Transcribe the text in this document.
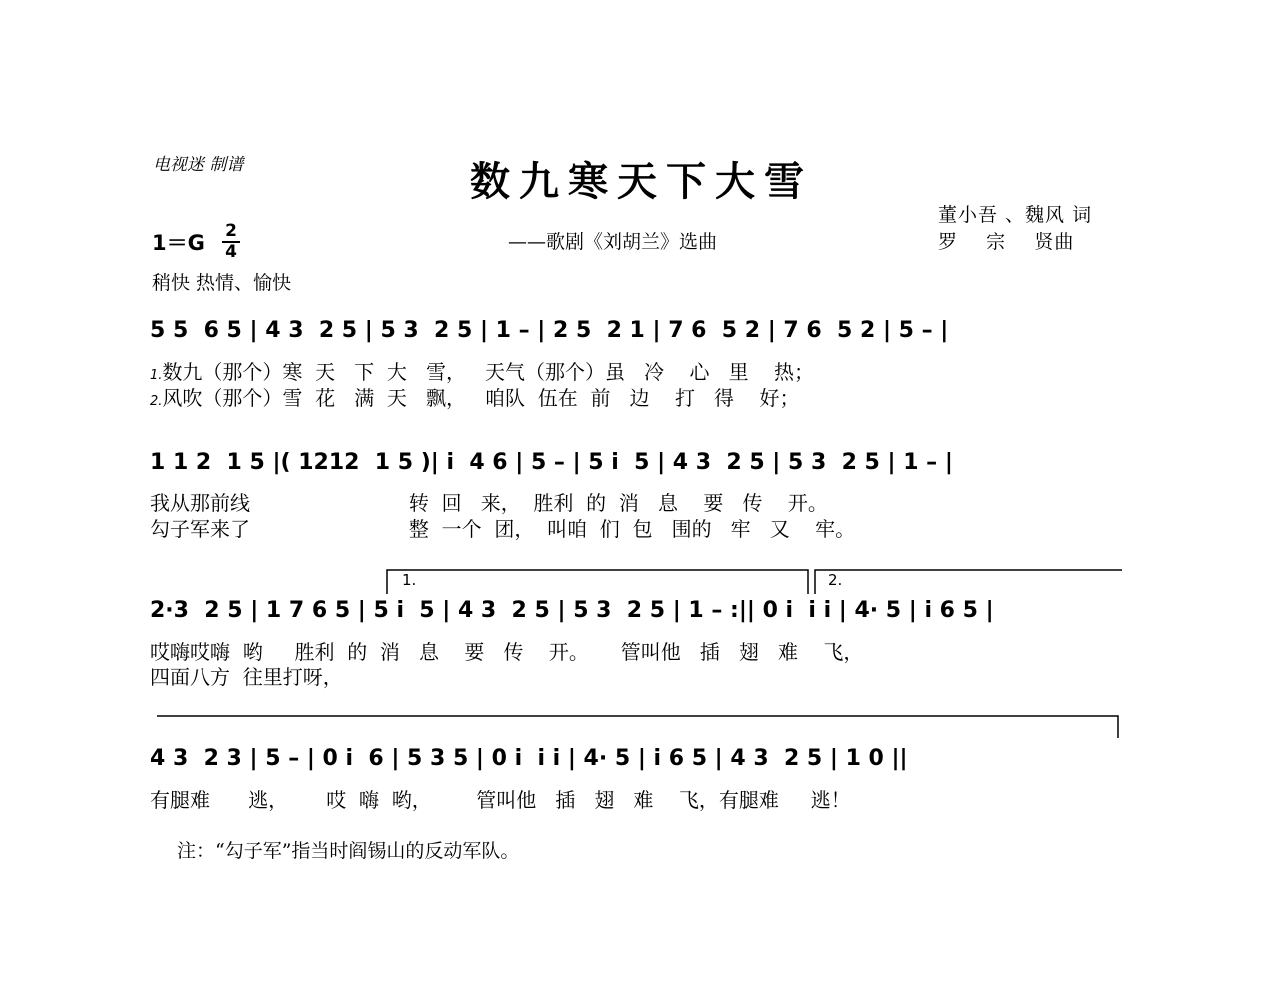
电视迷 制谱	数九寒天下大雪
董小吾 、魏风 词
——歌剧《刘胡兰》选曲	罗    宗    贤曲
1＝G 2
4
稍快 热情、愉快
5 5  6 5 | 4 3  2 5 | 5 3  2 5 | 1 – | 2 5  2 1 | 7 6  5 2 | 7 6  5 2 | 5 – |
1.数九（那个）寒  天   下  大   雪，   天气（那个）虽   冷    心   里    热；
2.风吹（那个）雪  花   满  天   飘，   咱队  伍在  前   边    打   得    好；
1 1 2  1 5 |( 1212  1 5 )| i  4 6 | 5 – | 5 i  5 | 4 3  2 5 | 5 3  2 5 | 1 – |
我从那前线                         转  回   来，  胜利  的  消   息    要   传    开。
勾子军来了                         整  一个  团，  叫咱  们  包   围的   牢   又    牢。
1.	2.
2·3  2 5 | 1 7 6 5 | 5 i  5 | 4 3  2 5 | 5 3  2 5 | 1 – :|| 0 i  i i | 4· 5 | i 6 5 |
哎嗨哎嗨  哟     胜利  的  消   息    要   传    开。     管叫他   插   翅   难    飞，
四面八方  往里打呀，
4 3  2 3 | 5 – | 0 i  6 | 5 3 5 | 0 i  i i | 4· 5 | i 6 5 | 4 3  2 5 | 1 0 ||
有腿难      逃，      哎  嗨  哟，       管叫他   插   翅   难    飞，有腿难     逃！
注：“勾子军”指当时阎锡山的反动军队。
